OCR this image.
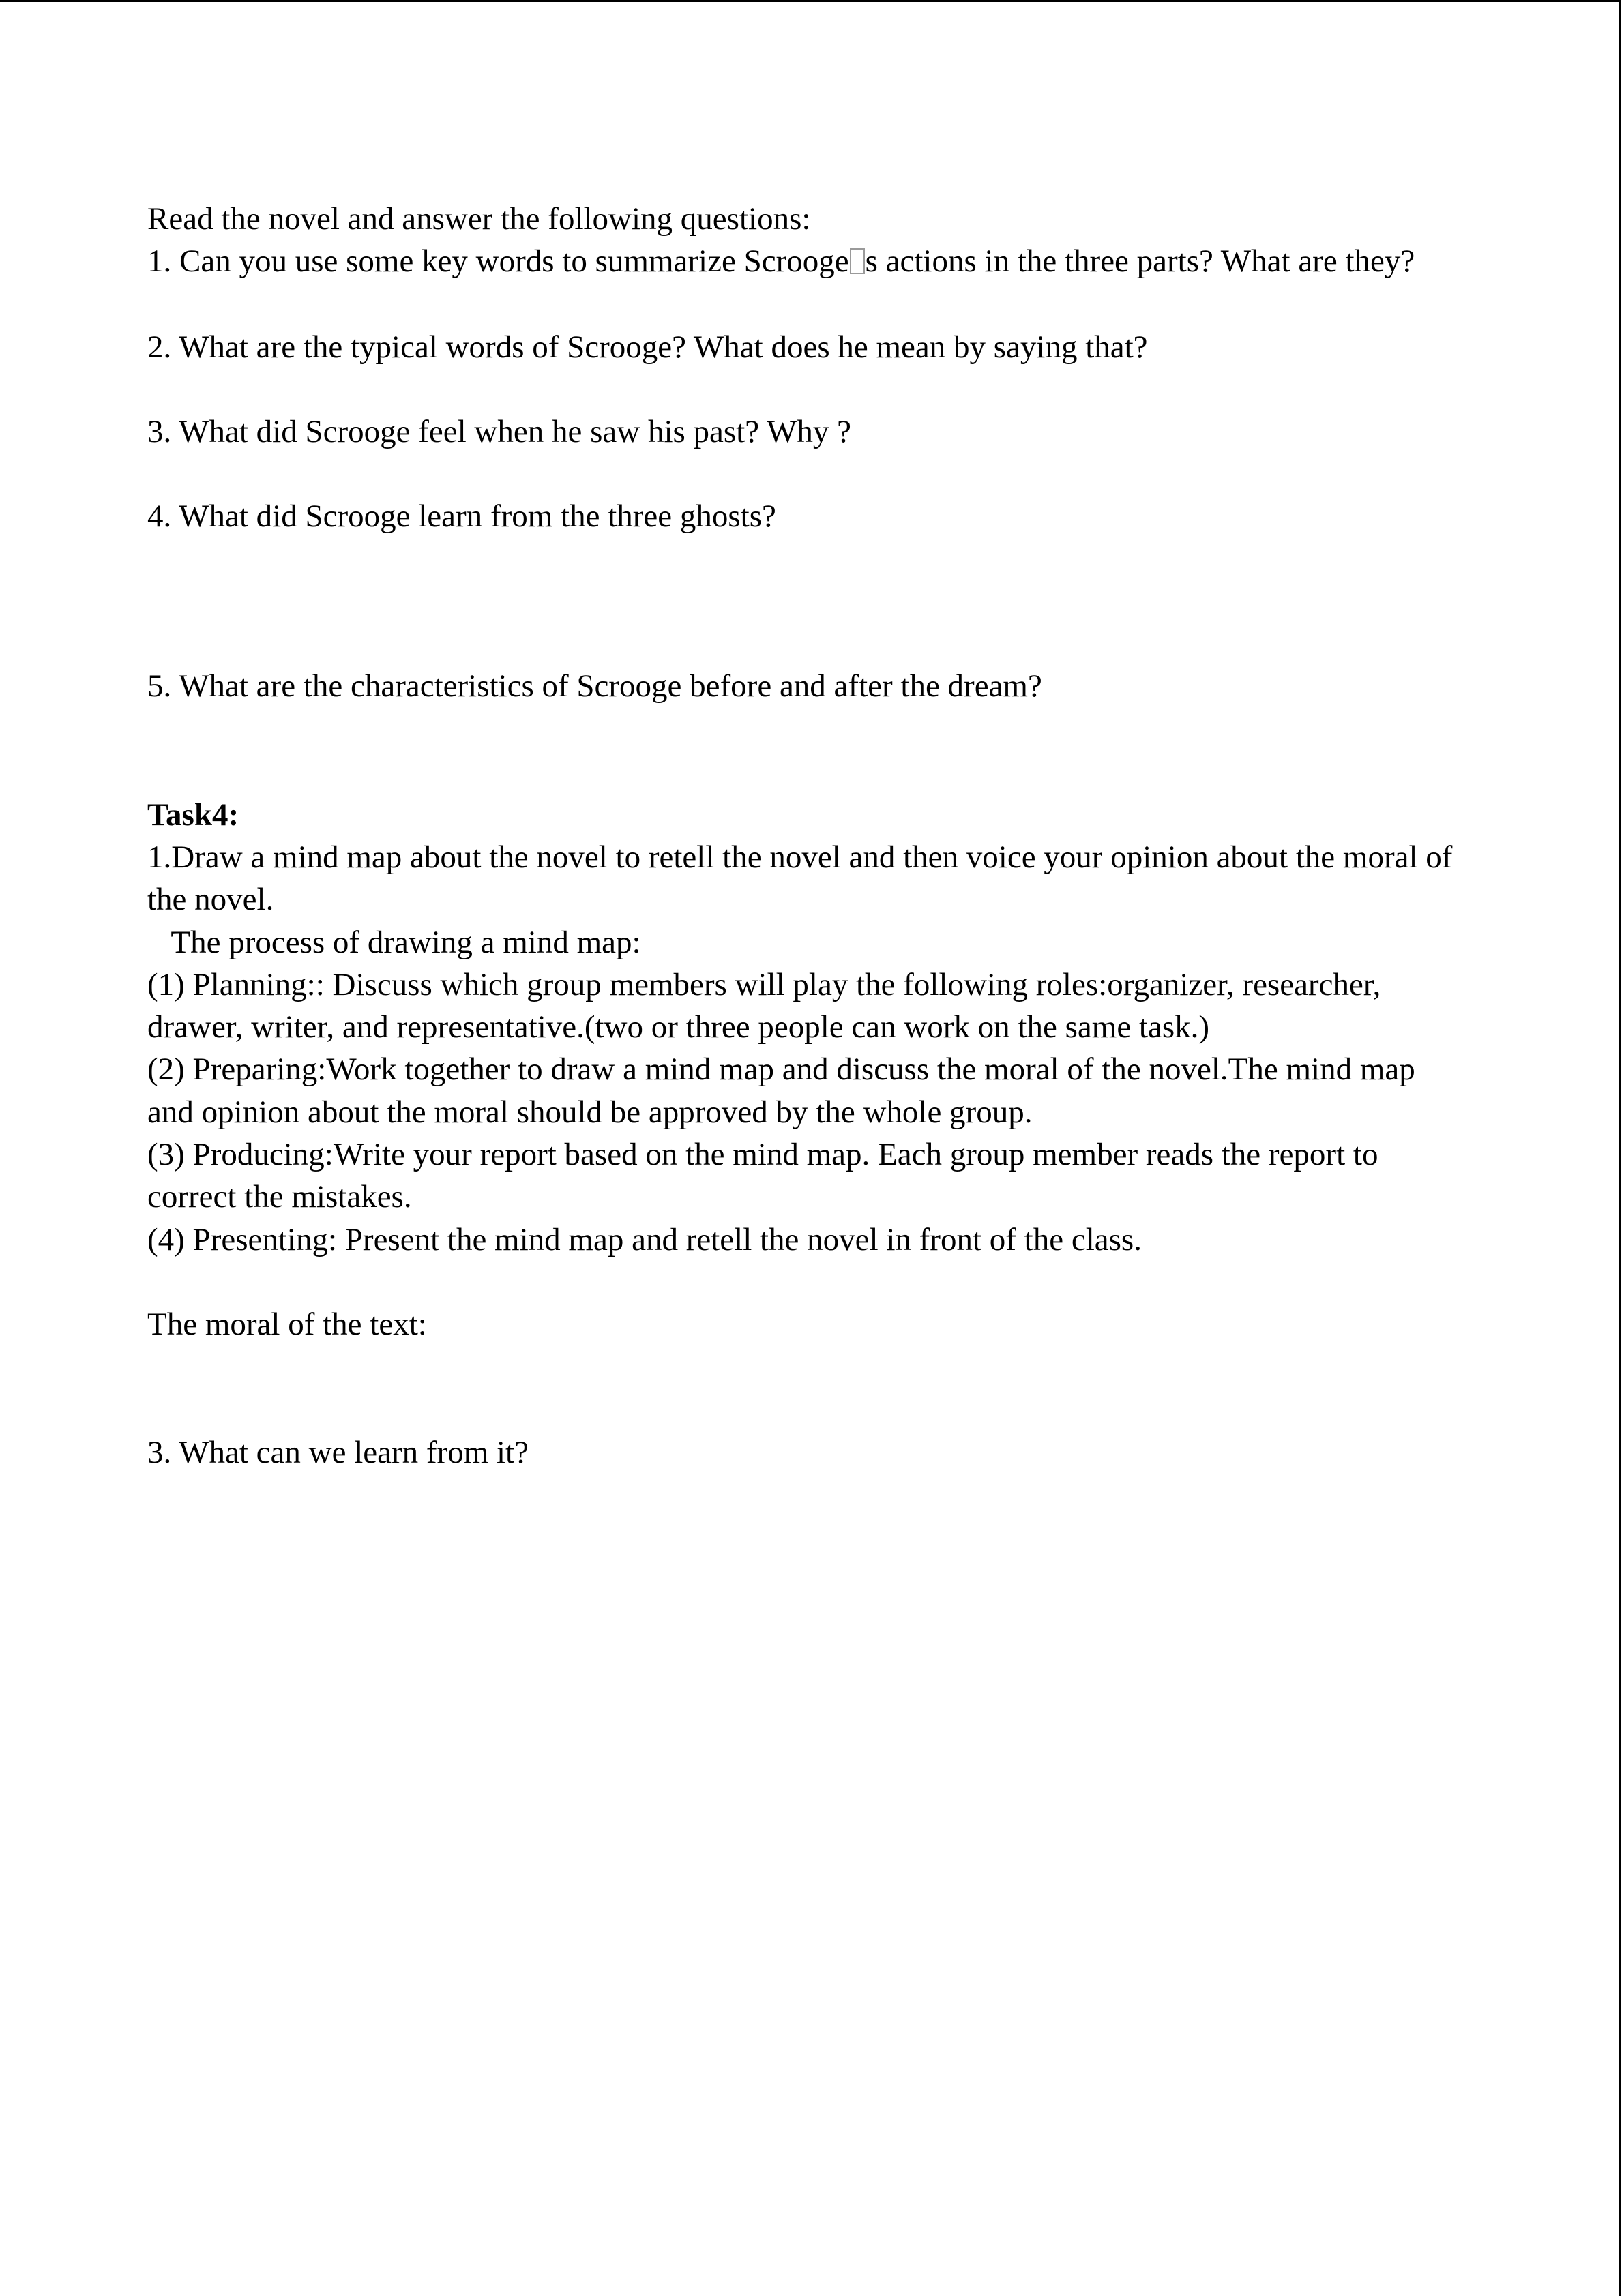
Read the novel and answer the following questions:

1. Can you use some key words to summarize Scrooge s actions in the three parts? What are they?

2. What are the typical words of Scrooge? What does he mean by saying that?

3. What did Scrooge feel when he saw his past? Why ?

4. What did Scrooge learn from the three ghosts?

5. What are the characteristics of Scrooge before and after the dream?

Task4:

1.Draw a mind map about the novel to retell the novel and then voice your opinion about the moral of

the novel.

The process of drawing a mind map:

(1) Planning:: Discuss which group members will play the following roles:organizer, researcher,

drawer, writer, and representative.(two or three people can work on the same task.)

(2) Preparing:Work together to draw a mind map and discuss the moral of the novel.The mind map

and opinion about the moral should be approved by the whole group.

(3) Producing:Write your report based on the mind map. Each group member reads the report to

correct the mistakes.

(4) Presenting: Present the mind map and retell the novel in front of the class.

The moral of the text:

3. What can we learn from it?
